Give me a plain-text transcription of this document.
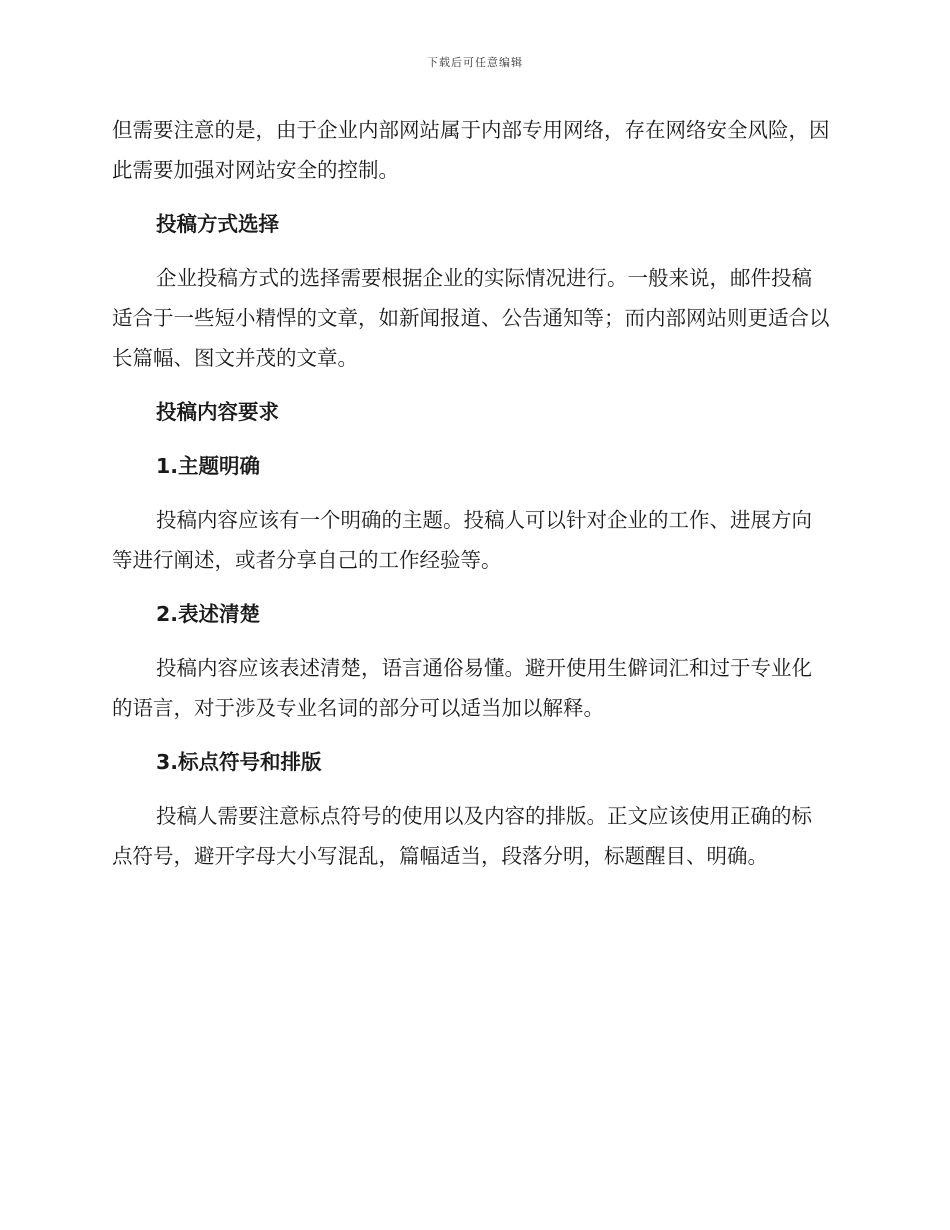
下载后可任意编辑

但需要注意的是，由于企业内部网站属于内部专用网络，存在网络安全风险，因此需要加强对网站安全的控制。

投稿方式选择

企业投稿方式的选择需要根据企业的实际情况进行。一般来说，邮件投稿适合于一些短小精悍的文章，如新闻报道、公告通知等；而内部网站则更适合以长篇幅、图文并茂的文章。

投稿内容要求
1.主题明确

投稿内容应该有一个明确的主题。投稿人可以针对企业的工作、进展方向等进行阐述，或者分享自己的工作经验等。

2.表述清楚

投稿内容应该表述清楚，语言通俗易懂。避开使用生僻词汇和过于专业化的语言，对于涉及专业名词的部分可以适当加以解释。

3.标点符号和排版

投稿人需要注意标点符号的使用以及内容的排版。正文应该使用正确的标点符号，避开字母大小写混乱，篇幅适当，段落分明，标题醒目、明确。
